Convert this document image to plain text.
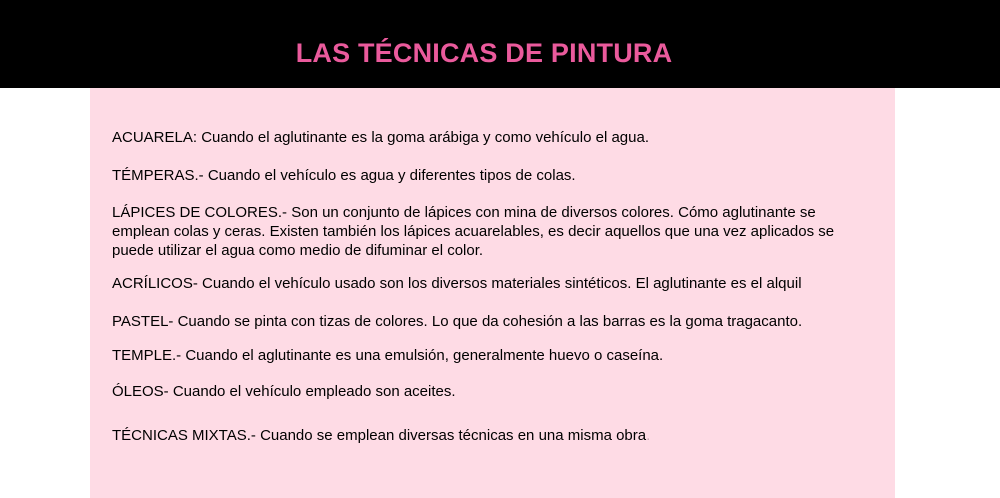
LAS TÉCNICAS DE PINTURA

ACUARELA: Cuando el aglutinante es la goma arábiga y como vehículo el agua.

TÉMPERAS.- Cuando el vehículo es agua y diferentes tipos de colas.

LÁPICES DE COLORES.- Son un conjunto de lápices con mina de diversos colores. Cómo aglutinante se emplean colas y ceras. Existen también los lápices acuarelables, es decir aquellos que una vez aplicados se puede utilizar el agua como medio de difuminar el color.

ACRÍLICOS- Cuando el vehículo usado son los diversos materiales sintéticos. El aglutinante es el alquil

PASTEL- Cuando se pinta con tizas de colores. Lo que da cohesión a las barras es la goma tragacanto.

TEMPLE.- Cuando el aglutinante es una emulsión, generalmente huevo o caseína.

ÓLEOS- Cuando el vehículo empleado son aceites.

TÉCNICAS MIXTAS.- Cuando se emplean diversas técnicas en una misma obra.
